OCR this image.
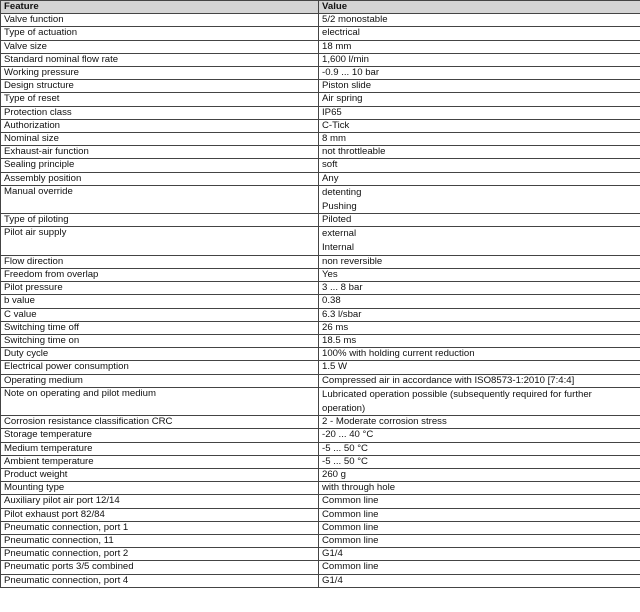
Feature	Value
Valve function	5/2 monostable
Type of actuation	electrical
Valve size	18 mm
Standard nominal flow rate	1,600 l/min
Working pressure	-0.9 ... 10 bar
Design structure	Piston slide
Type of reset	Air spring
Protection class	IP65
Authorization	C-Tick
Nominal size	8 mm
Exhaust-air function	not throttleable
Sealing principle	soft
Assembly position	Any
Manual override	detenting
Pushing

Type of piloting	Piloted
Pilot air supply	external
Internal

Flow direction	non reversible
Freedom from overlap	Yes
Pilot pressure	3 ... 8 bar
b value	0.38
C value	6.3 l/sbar
Switching time off	26 ms
Switching time on	18.5 ms
Duty cycle	100% with holding current reduction
Electrical power consumption	1.5 W
Operating medium	Compressed air in accordance with ISO8573-1:2010 [7:4:4]
Note on operating and pilot medium	Lubricated operation possible (subsequently required for further
operation)

Corrosion resistance classification CRC	2 - Moderate corrosion stress
Storage temperature	-20 ... 40 °C
Medium temperature	-5 ... 50 °C
Ambient temperature	-5 ... 50 °C
Product weight	260 g
Mounting type	with through hole
Auxiliary pilot air port 12/14	Common line
Pilot exhaust port 82/84	Common line
Pneumatic connection, port 1	Common line
Pneumatic connection, 11	Common line
Pneumatic connection, port 2	G1/4
Pneumatic ports 3/5 combined	Common line
Pneumatic connection, port 4	G1/4
